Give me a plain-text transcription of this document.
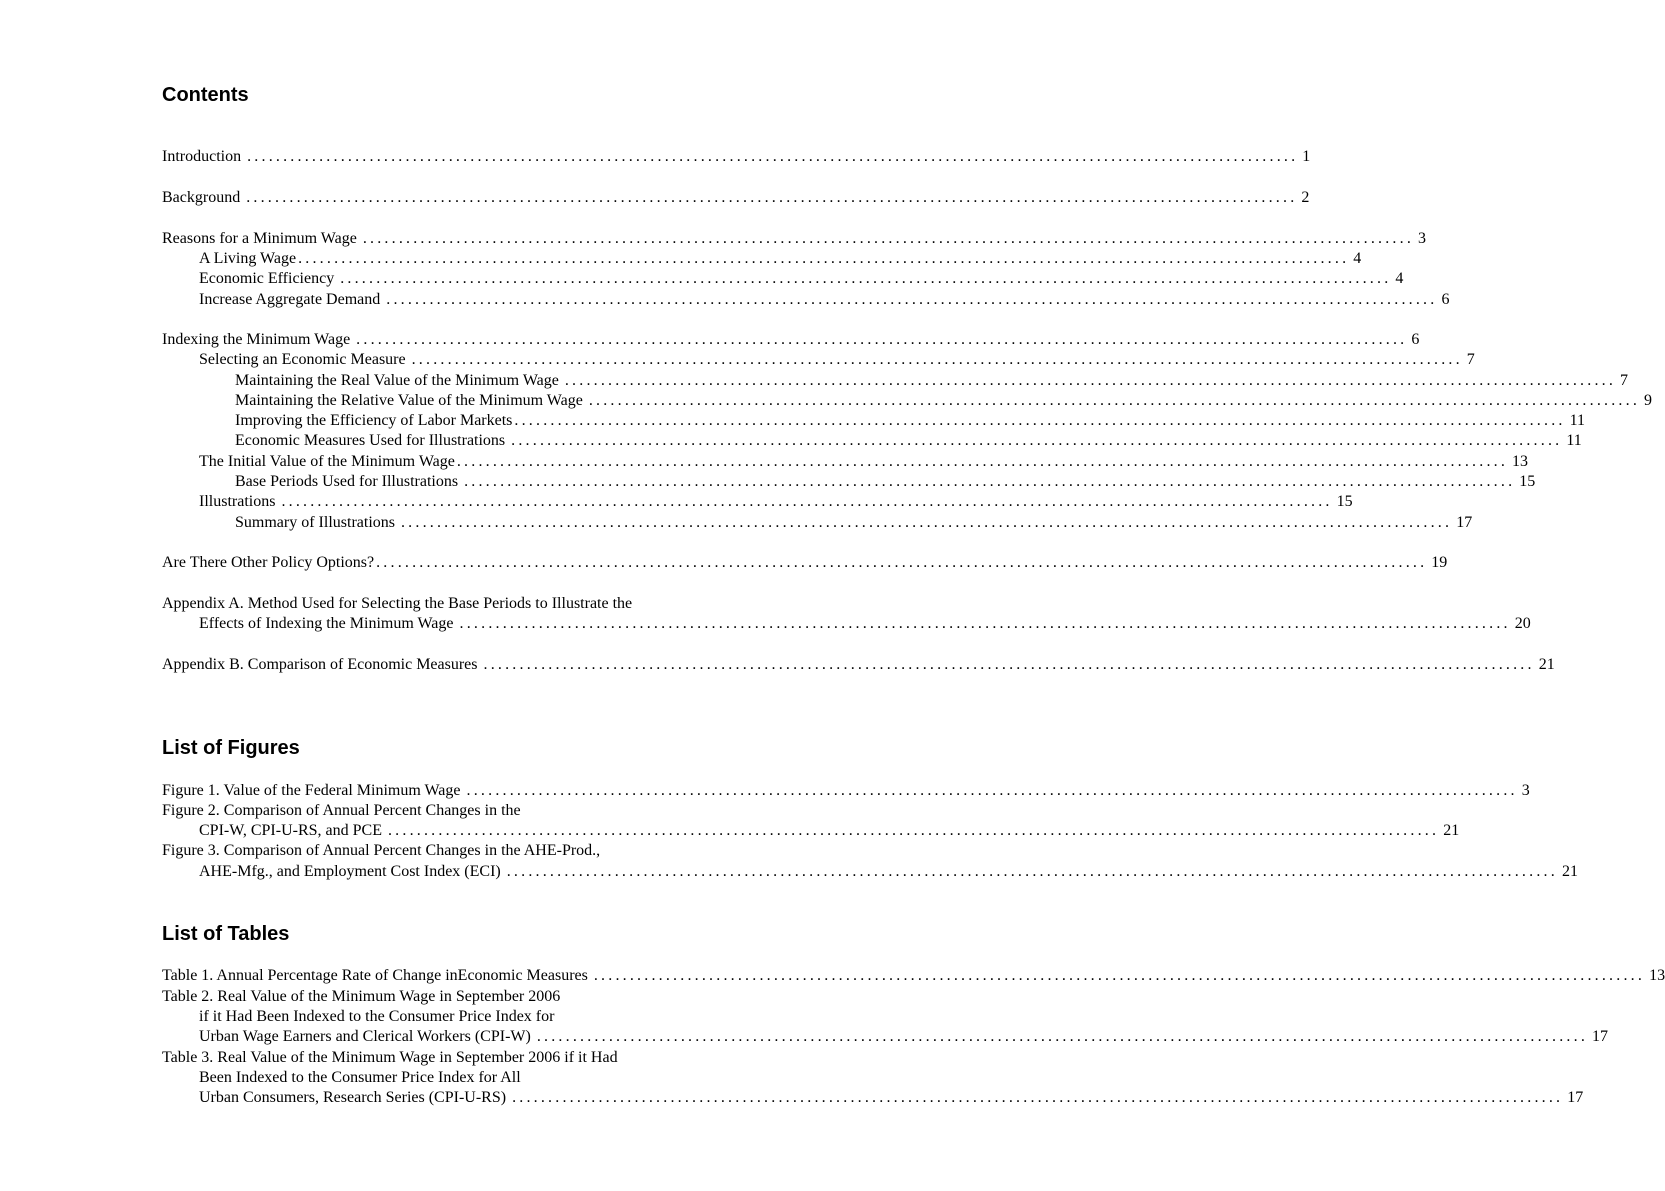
Contents
Introduction .................................................................................................................................................. 1
Background .................................................................................................................................................. 2
Reasons for a Minimum Wage .................................................................................................................................................. 3
A Living Wage .................................................................................................................................................. 4
Economic Efficiency .................................................................................................................................................. 4
Increase Aggregate Demand .................................................................................................................................................. 6
Indexing the Minimum Wage .................................................................................................................................................. 6
Selecting an Economic Measure .................................................................................................................................................. 7
Maintaining the Real Value of the Minimum Wage .................................................................................................................................................. 7
Maintaining the Relative Value of the Minimum Wage .................................................................................................................................................. 9
Improving the Efficiency of Labor Markets .................................................................................................................................................. 11
Economic Measures Used for Illustrations .................................................................................................................................................. 11
The Initial Value of the Minimum Wage .................................................................................................................................................. 13
Base Periods Used for Illustrations .................................................................................................................................................. 15
Illustrations .................................................................................................................................................. 15
Summary of Illustrations .................................................................................................................................................. 17
Are There Other Policy Options? .................................................................................................................................................. 19
Appendix A. Method Used for Selecting the Base Periods to Illustrate the
Effects of Indexing the Minimum Wage .................................................................................................................................................. 20
Appendix B. Comparison of Economic Measures .................................................................................................................................................. 21
List of Figures
Figure 1. Value of the Federal Minimum Wage .................................................................................................................................................. 3
Figure 2. Comparison of Annual Percent Changes in the
CPI-W, CPI-U-RS, and PCE .................................................................................................................................................. 21
Figure 3. Comparison of Annual Percent Changes in the AHE-Prod.,
AHE-Mfg., and Employment Cost Index (ECI) .................................................................................................................................................. 21
List of Tables
Table 1. Annual Percentage Rate of Change inEconomic Measures .................................................................................................................................................. 13
Table 2. Real Value of the Minimum Wage in September 2006
if it Had Been Indexed to the Consumer Price Index for
Urban Wage Earners and Clerical Workers (CPI-W) .................................................................................................................................................. 17
Table 3. Real Value of the Minimum Wage in September 2006 if it Had
Been Indexed to the Consumer Price Index for All
Urban Consumers, Research Series (CPI-U-RS) .................................................................................................................................................. 17
